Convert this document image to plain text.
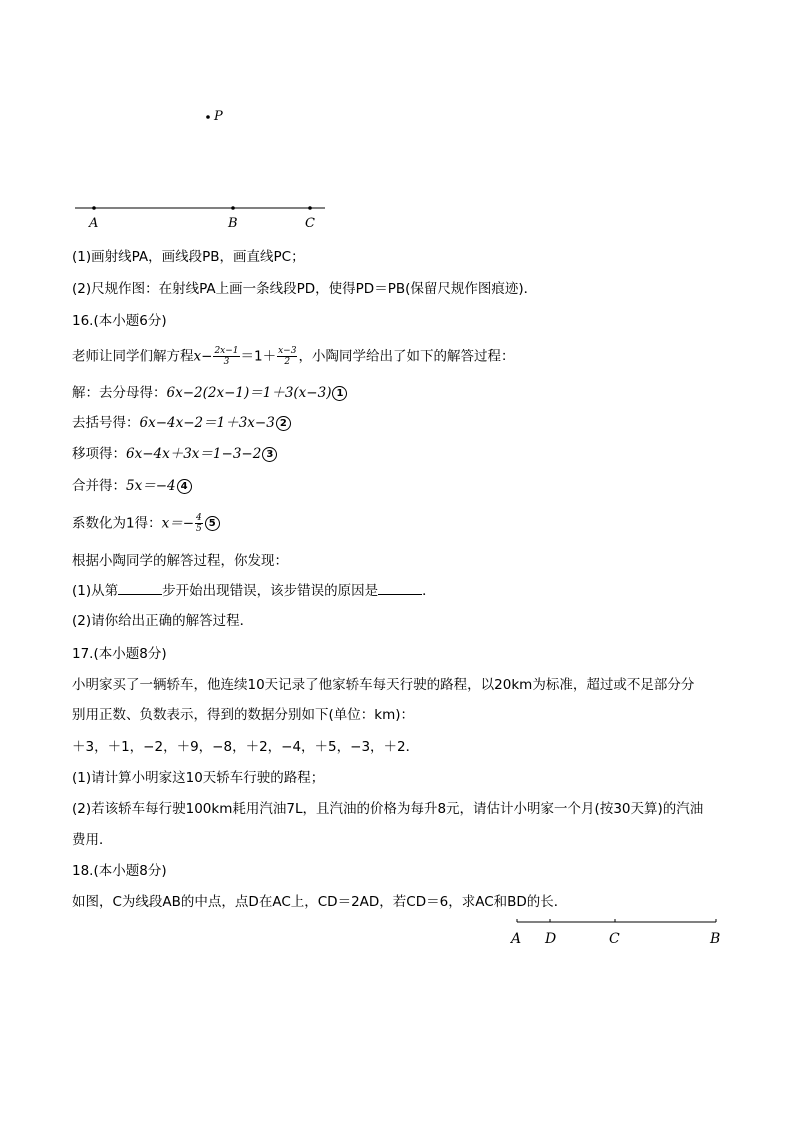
P
A	B	C
(1)画射线PA，画线段PB，画直线PC；
(2)尺规作图：在射线PA上画一条线段PD，使得PD＝PB(保留尺规作图痕迹)．
16.(本小题6分)
老师让同学们解方程$x- \frac{2x-1}{3} =1+ \frac{x-3}{2}$ ，小陶同学给出了如下的解答过程：
解：去分母得：6x−2(2x−1)＝1＋3(x−3) 1
去括号得：6x−4x−2＝1＋3x−3 2
移项得：6x−4x＋3x＝1−3−2 3
合并得：5x＝−4 4
系数化为1得：$x=- \frac{4}{5} 5$
根据小陶同学的解答过程，你发现：
(1)从第	步开始出现错误，该步错误的原因是	．
(2)请你给出正确的解答过程．
17.(本小题8分)
小明家买了一辆轿车，他连续10天记录了他家轿车每天行驶的路程，以20km为标准，超过或不足部分分
别用正数、负数表示，得到的数据分别如下(单位：km)：
＋3，＋1，−2，＋9，−8，＋2，−4，＋5，−3，＋2．
(1)请计算小明家这10天轿车行驶的路程；
(2)若该轿车每行驶100km耗用汽油7L，且汽油的价格为每升8元，请估计小明家一个月(按30天算)的汽油
费用．
18.(本小题8分)
如图，C为线段AB的中点，点D在AC上，CD＝2AD，若CD＝6，求AC和BD的长．
A D	C	B
